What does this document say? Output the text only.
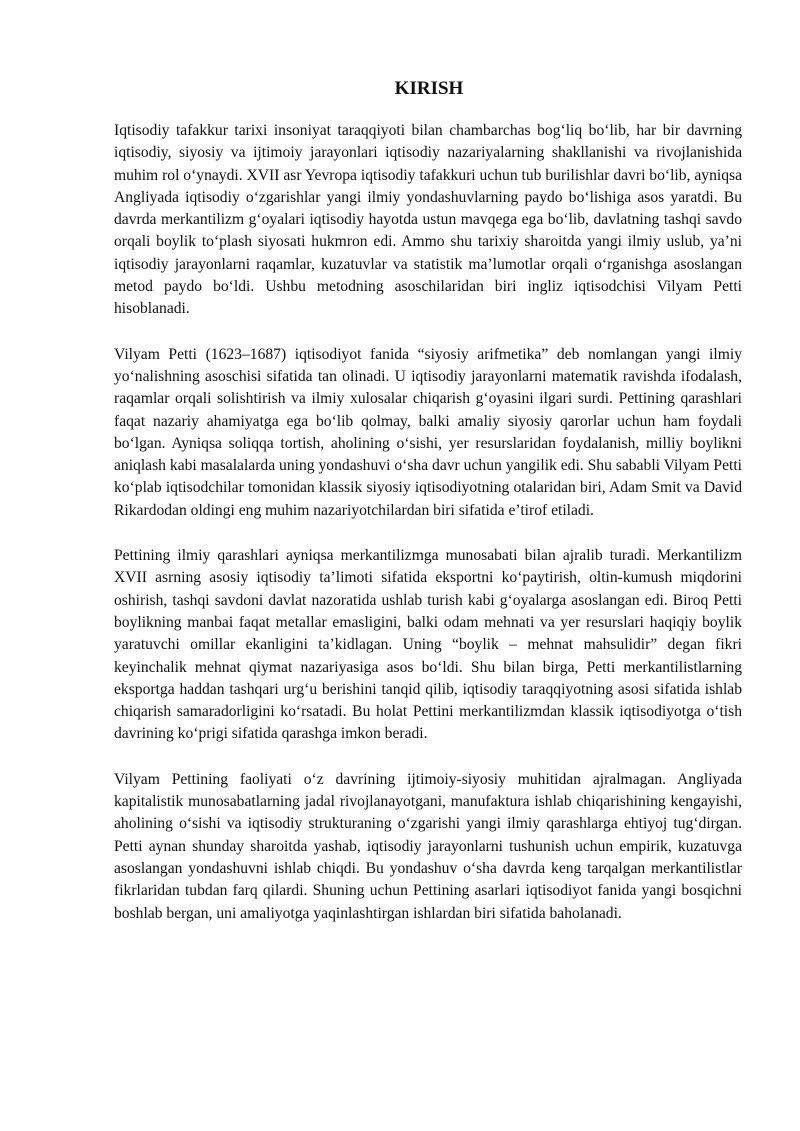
KIRISH

Iqtisodiy tafakkur tarixi insoniyat taraqqiyoti bilan chambarchas bog‘liq bo‘lib, har bir davrning iqtisodiy, siyosiy va ijtimoiy jarayonlari iqtisodiy nazariyalarning shakllanishi va rivojlanishida muhim rol o‘ynaydi. XVII asr Yevropa iqtisodiy tafakkuri uchun tub burilishlar davri bo‘lib, ayniqsa Angliyada iqtisodiy o‘zgarishlar yangi ilmiy yondashuvlarning paydo bo‘lishiga asos yaratdi. Bu davrda merkantilizm g‘oyalari iqtisodiy hayotda ustun mavqega ega bo‘lib, davlatning tashqi savdo orqali boylik to‘plash siyosati hukmron edi. Ammo shu tarixiy sharoitda yangi ilmiy uslub, ya’ni iqtisodiy jarayonlarni raqamlar, kuzatuvlar va statistik ma’lumotlar orqali o‘rganishga asoslangan metod paydo bo‘ldi. Ushbu metodning asoschilaridan biri ingliz iqtisodchisi Vilyam Petti hisoblanadi.

Vilyam Petti (1623–1687) iqtisodiyot fanida “siyosiy arifmetika” deb nomlangan yangi ilmiy yo‘nalishning asoschisi sifatida tan olinadi. U iqtisodiy jarayonlarni matematik ravishda ifodalash, raqamlar orqali solishtirish va ilmiy xulosalar chiqarish g‘oyasini ilgari surdi. Pettining qarashlari faqat nazariy ahamiyatga ega bo‘lib qolmay, balki amaliy siyosiy qarorlar uchun ham foydali bo‘lgan. Ayniqsa soliqqa tortish, aholining o‘sishi, yer resurslaridan foydalanish, milliy boylikni aniqlash kabi masalalarda uning yondashuvi o‘sha davr uchun yangilik edi. Shu sababli Vilyam Petti ko‘plab iqtisodchilar tomonidan klassik siyosiy iqtisodiyotning otalaridan biri, Adam Smit va David Rikardodan oldingi eng muhim nazariyotchilardan biri sifatida e’tirof etiladi.

Pettining ilmiy qarashlari ayniqsa merkantilizmga munosabati bilan ajralib turadi. Merkantilizm XVII asrning asosiy iqtisodiy ta’limoti sifatida eksportni ko‘paytirish, oltin-kumush miqdorini oshirish, tashqi savdoni davlat nazoratida ushlab turish kabi g‘oyalarga asoslangan edi. Biroq Petti boylikning manbai faqat metallar emasligini, balki odam mehnati va yer resurslari haqiqiy boylik yaratuvchi omillar ekanligini ta’kidlagan. Uning “boylik – mehnat mahsulidir” degan fikri keyinchalik mehnat qiymat nazariyasiga asos bo‘ldi. Shu bilan birga, Petti merkantilistlarning eksportga haddan tashqari urg‘u berishini tanqid qilib, iqtisodiy taraqqiyotning asosi sifatida ishlab chiqarish samaradorligini ko‘rsatadi. Bu holat Pettini merkantilizmdan klassik iqtisodiyotga o‘tish davrining ko‘prigi sifatida qarashga imkon beradi.

Vilyam Pettining faoliyati o‘z davrining ijtimoiy-siyosiy muhitidan ajralmagan. Angliyada kapitalistik munosabatlarning jadal rivojlanayotgani, manufaktura ishlab chiqarishining kengayishi, aholining o‘sishi va iqtisodiy strukturaning o‘zgarishi yangi ilmiy qarashlarga ehtiyoj tug‘dirgan. Petti aynan shunday sharoitda yashab, iqtisodiy jarayonlarni tushunish uchun empirik, kuzatuvga asoslangan yondashuvni ishlab chiqdi. Bu yondashuv o‘sha davrda keng tarqalgan merkantilistlar fikrlaridan tubdan farq qilardi. Shuning uchun Pettining asarlari iqtisodiyot fanida yangi bosqichni boshlab bergan, uni amaliyotga yaqinlashtirgan ishlardan biri sifatida baholanadi.
